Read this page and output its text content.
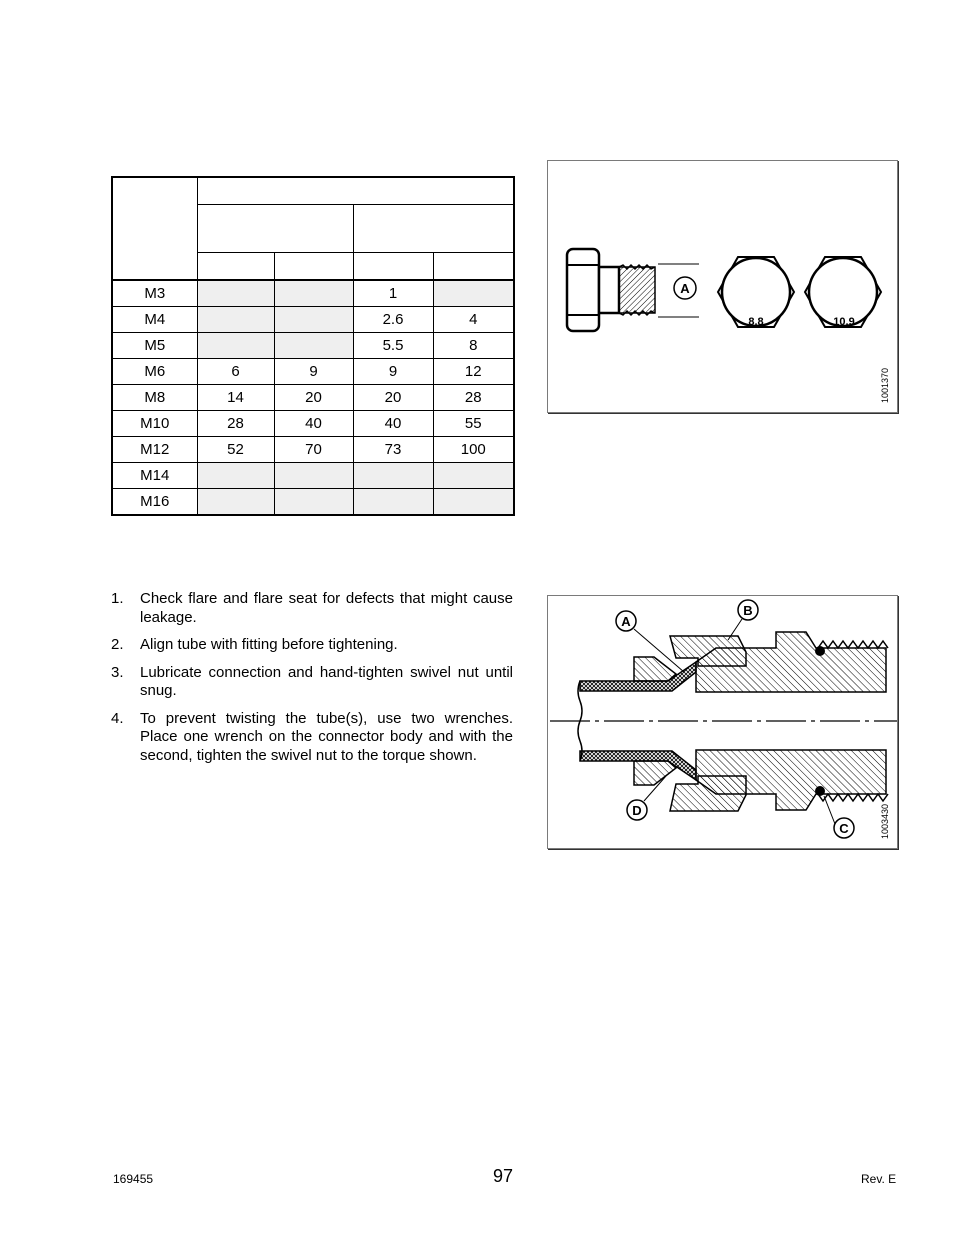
M3			1	
M4			2.6	4
M5			5.5	8
M6	6	9	9	12
M8	14	20	20	28
M10	28	40	40	55
M12	52	70	73	100
M14				
M16				
A
8.8	10.9
1001370
A
B
C
D	1003430
1. Check flare and flare seat for defects that might cause leakage.
2. Align tube with fitting before tightening.
3. Lubricate connection and hand-tighten swivel nut until snug.
4. To prevent twisting the tube(s), use two wrenches. Place one wrench on the connector body and with the second, tighten the swivel nut to the torque shown.
169455	97	Rev. E
